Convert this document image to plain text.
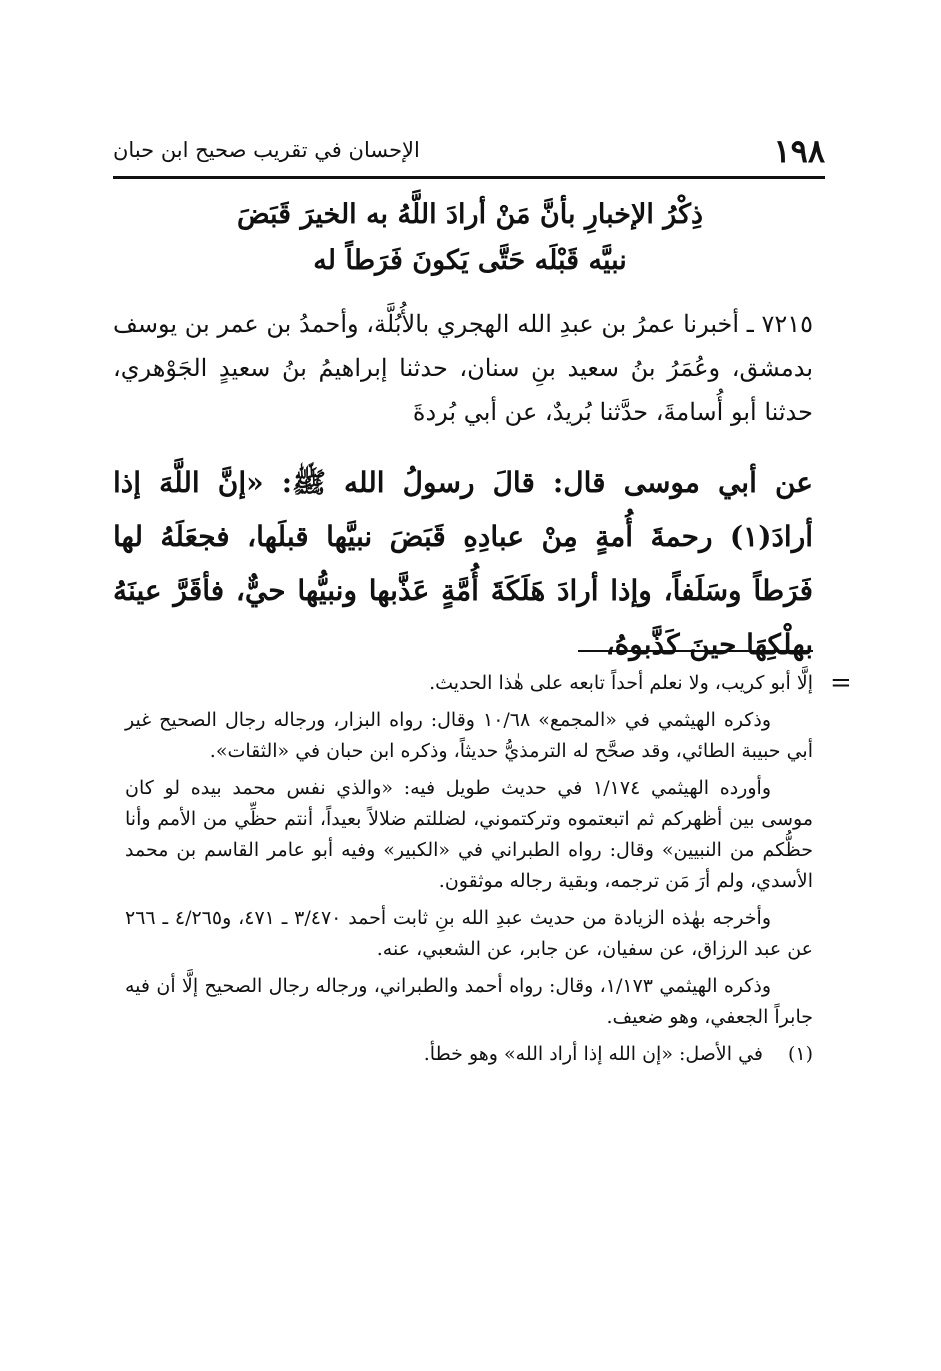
١٩٨
الإحسان في تقريب صحيح ابن حبان
ذِكْرُ الإخبارِ بأنَّ مَنْ أرادَ اللَّهُ به الخيرَ قَبَضَ
نبيَّه قَبْلَه حَتَّى يَكونَ فَرَطاً له
٧٢١٥ ـ أخبرنا عمرُ بن عبدِ الله الهجري بالأُبُلَّة، وأحمدُ بن عمر بن يوسف بدمشق، وعُمَرُ بنُ سعيد بنِ سنان، حدثنا إبراهيمُ بنُ سعيدٍ الجَوْهري، حدثنا أبو أُسامةَ، حدَّثنا بُريدٌ، عن أبي بُردةَ
عن أبي موسى قال: قالَ رسولُ الله ﷺ: «إنَّ اللَّهَ إذا أرادَ(١) رحمةَ أُمةٍ مِنْ عبادِهِ قَبَضَ نبيَّها قبلَها، فجعَلَهُ لها فَرَطاً وسَلَفاً، وإذا أرادَ هَلَكَةَ أُمَّةٍ عَذَّبها ونبيُّها حيٌّ، فأقَرَّ عينَهُ بهلْكِهَا حينَ كَذَّبوهُ،
=

إلَّا أبو كريب، ولا نعلم أحداً تابعه على هٰذا الحديث.

وذكره الهيثمي في «المجمع» ١٠/٦٨ وقال: رواه البزار، ورجاله رجال الصحيح غير أبي حبيبة الطائي، وقد صحَّح له الترمذيُّ حديثاً، وذكره ابن حبان في «الثقات».

وأورده الهيثمي ١/١٧٤ في حديث طويل فيه: «والذي نفس محمد بيده لو كان موسى بين أظهركم ثم اتبعتموه وتركتموني، لضللتم ضلالاً بعيداً، أنتم حظِّي من الأمم وأنا حظُّكم من النبيين» وقال: رواه الطبراني في «الكبير» وفيه أبو عامر القاسم بن محمد الأسدي، ولم أرَ مَن ترجمه، وبقية رجاله موثقون.

وأخرجه بهٰذه الزيادة من حديث عبدِ الله بنِ ثابت أحمد ٣/٤٧٠ ـ ٤٧١، و٤/٢٦٥ ـ ٢٦٦ عن عبد الرزاق، عن سفيان، عن جابر، عن الشعبي، عنه.

وذكره الهيثمي ١/١٧٣، وقال: رواه أحمد والطبراني، ورجاله رجال الصحيح إلَّا أن فيه جابراً الجعفي، وهو ضعيف.

(١)
في الأصل: «إن الله إذا أراد الله» وهو خطأ.
